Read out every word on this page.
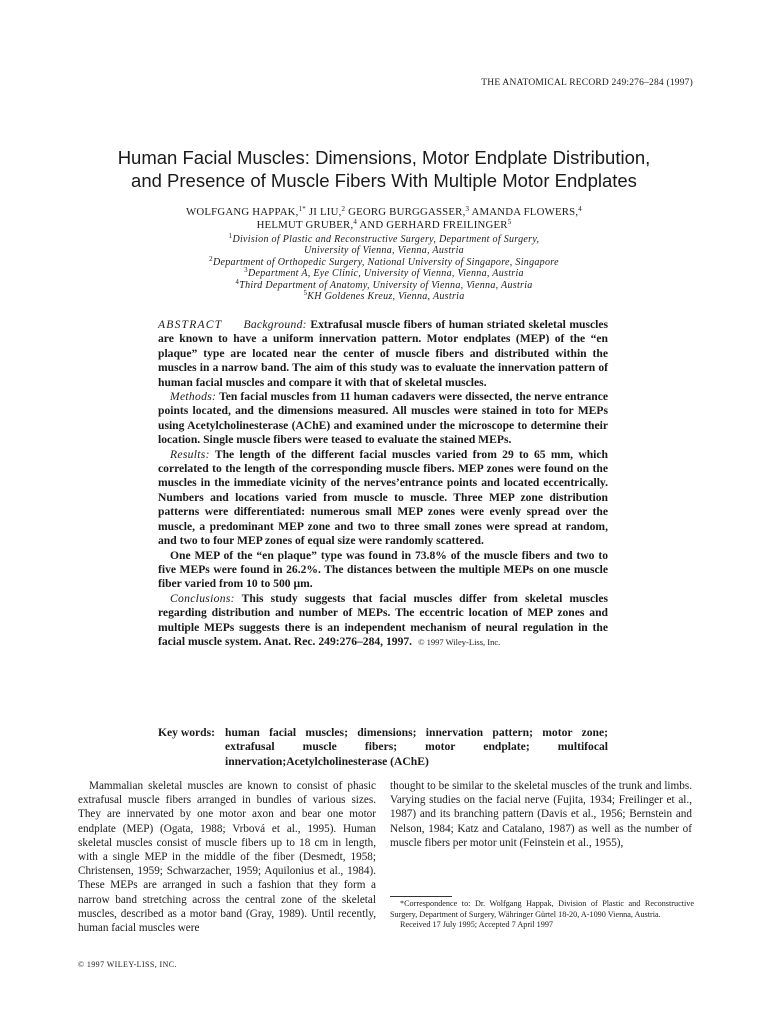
THE ANATOMICAL RECORD 249:276–284 (1997)
Human Facial Muscles: Dimensions, Motor Endplate Distribution,
and Presence of Muscle Fibers With Multiple Motor Endplates
WOLFGANG HAPPAK,$^{1*}$ JI LIU,$^2$ GEORG BURGGASSER,$^3$ AMANDA FLOWERS,$^4$
HELMUT GRUBER,$^4$ AND GERHARD FREILINGER$^5$
$^1$Division of Plastic and Reconstructive Surgery, Department of Surgery,
University of Vienna, Vienna, Austria
$^2$Department of Orthopedic Surgery, National University of Singapore, Singapore
$^3$Department A, Eye Clinic, University of Vienna, Vienna, Austria
$^4$Third Department of Anatomy, University of Vienna, Vienna, Austria
$^5$KH Goldenes Kreuz, Vienna, Austria

ABSTRACT Background: Extrafusal muscle fibers of human striated skeletal muscles are known to have a uniform innervation pattern. Motor endplates (MEP) of the “en plaque” type are located near the center of muscle fibers and distributed within the muscles in a narrow band. The aim of this study was to evaluate the innervation pattern of human facial muscles and compare it with that of skeletal muscles.

Methods: Ten facial muscles from 11 human cadavers were dissected, the nerve entrance points located, and the dimensions measured. All muscles were stained in toto for MEPs using Acetylcholinesterase (AChE) and examined under the microscope to determine their location. Single muscle fibers were teased to evaluate the stained MEPs.

Results: The length of the different facial muscles varied from 29 to 65 mm, which correlated to the length of the corresponding muscle fibers. MEP zones were found on the muscles in the immediate vicinity of the nerves’entrance points and located eccentrically. Numbers and locations varied from muscle to muscle. Three MEP zone distribution patterns were differentiated: numerous small MEP zones were evenly spread over the muscle, a predominant MEP zone and two to three small zones were spread at random, and two to four MEP zones of equal size were randomly scattered.

One MEP of the “en plaque” type was found in 73.8% of the muscle fibers and two to five MEPs were found in 26.2%. The distances between the multiple MEPs on one muscle fiber varied from 10 to 500 µm.

Conclusions: This study suggests that facial muscles differ from skeletal muscles regarding distribution and number of MEPs. The eccentric location of MEP zones and multiple MEPs suggests there is an independent mechanism of neural regulation in the facial muscle system. Anat. Rec. 249:276–284, 1997. © 1997 Wiley-Liss, Inc.

Key words: human facial muscles; dimensions; innervation pattern; motor zone; extrafusal muscle fibers; motor endplate; multifocal innervation;Acetylcholinesterase (AChE)

Mammalian skeletal muscles are known to consist of phasic extrafusal muscle fibers arranged in bundles of various sizes. They are innervated by one motor axon and bear one motor endplate (MEP) (Ogata, 1988; Vrbová et al., 1995). Human skeletal muscles consist of muscle fibers up to 18 cm in length, with a single MEP in the middle of the fiber (Desmedt, 1958; Christensen, 1959; Schwarzacher, 1959; Aquilonius et al., 1984). These MEPs are arranged in such a fashion that they form a narrow band stretching across the central zone of the skeletal muscles, described as a motor band (Gray, 1989). Until recently, human facial muscles were

thought to be similar to the skeletal muscles of the trunk and limbs. Varying studies on the facial nerve (Fujita, 1934; Freilinger et al., 1987) and its branching pattern (Davis et al., 1956; Bernstein and Nelson, 1984; Katz and Catalano, 1987) as well as the number of muscle fibers per motor unit (Feinstein et al., 1955),

*Correspondence to: Dr. Wolfgang Happak, Division of Plastic and Reconstructive Surgery, Department of Surgery, Währinger Gürtel 18-20, A-1090 Vienna, Austria.

Received 17 July 1995; Accepted 7 April 1997

© 1997 WILEY-LISS, INC.
